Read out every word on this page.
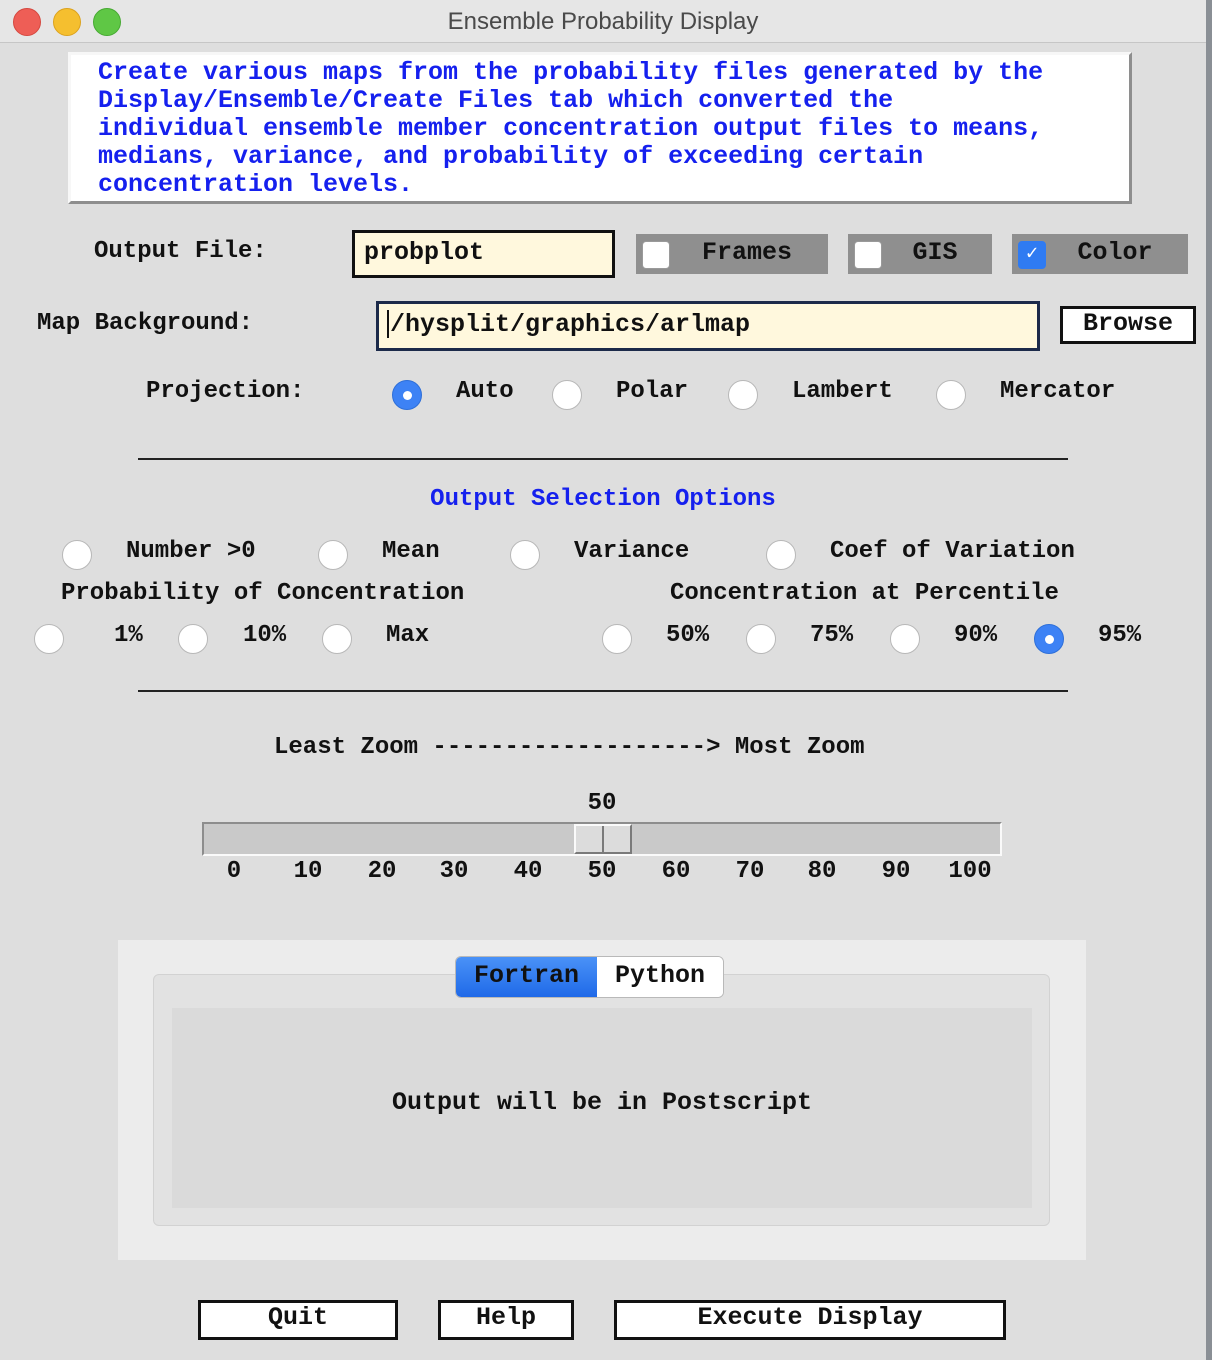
Ensemble Probability Display
Create various maps from the probability files generated by the
Display/Ensemble/Create Files tab which converted the
individual ensemble member concentration output files to means,
medians, variance, and probability of exceeding certain
concentration levels.
Output File:	probplot	Frames	GIS	✓	Color
Map Background:	/hysplit/graphics/arlmap	Browse
Projection:	Auto	Polar	Lambert	Mercator
Output Selection Options
Number >0	Mean	Variance	Coef of Variation
Probability of Concentration	Concentration at Percentile
1%	10%	Max	50%	75%	90%	95%
Least Zoom -------------------> Most Zoom
50
0	10	20	30	40	50	60	70	80	90	100
Output will be in Postscript
Fortran	Python
Quit	Help	Execute Display
